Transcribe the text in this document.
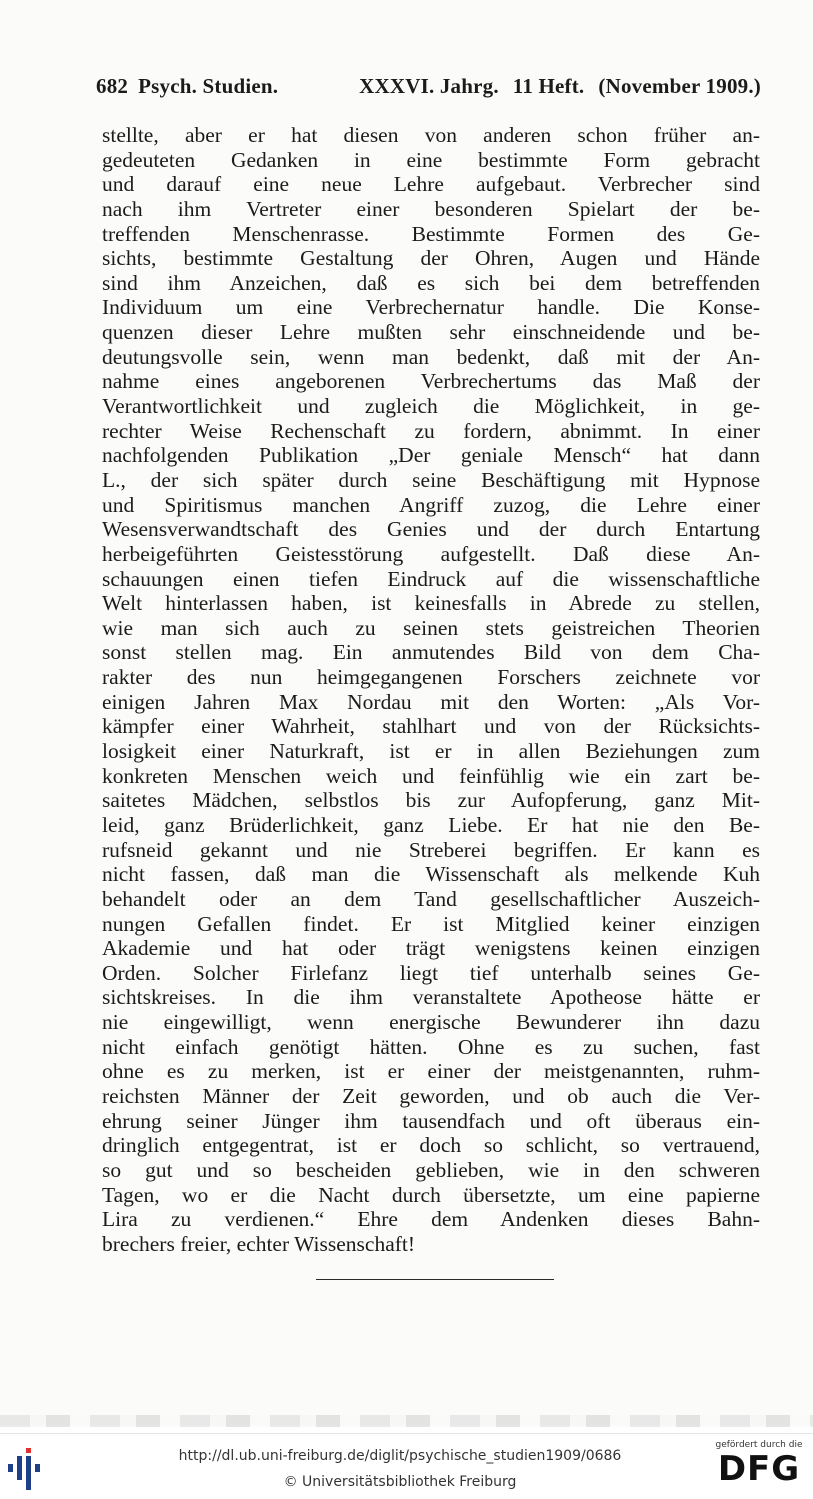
682 Psych. Studien.	XXXVI. Jahrg. 11 Heft. (November 1909.)
stellte, aber er hat diesen von anderen schon früher an-
gedeuteten Gedanken in eine bestimmte Form gebracht
und darauf eine neue Lehre aufgebaut. Verbrecher sind
nach ihm Vertreter einer besonderen Spielart der be-
treffenden Menschenrasse. Bestimmte Formen des Ge-
sichts, bestimmte Gestaltung der Ohren, Augen und Hände
sind ihm Anzeichen, daß es sich bei dem betreffenden
Individuum um eine Verbrechernatur handle. Die Konse-
quenzen dieser Lehre mußten sehr einschneidende und be-
deutungsvolle sein, wenn man bedenkt, daß mit der An-
nahme eines angeborenen Verbrechertums das Maß der
Verantwortlichkeit und zugleich die Möglichkeit, in ge-
rechter Weise Rechenschaft zu fordern, abnimmt. In einer
nachfolgenden Publikation „Der geniale Mensch“ hat dann
L., der sich später durch seine Beschäftigung mit Hypnose
und Spiritismus manchen Angriff zuzog, die Lehre einer
Wesensverwandtschaft des Genies und der durch Entartung
herbeigeführten Geistesstörung aufgestellt. Daß diese An-
schauungen einen tiefen Eindruck auf die wissenschaftliche
Welt hinterlassen haben, ist keinesfalls in Abrede zu stellen,
wie man sich auch zu seinen stets geistreichen Theorien
sonst stellen mag. Ein anmutendes Bild von dem Cha-
rakter des nun heimgegangenen Forschers zeichnete vor
einigen Jahren Max Nordau mit den Worten: „Als Vor-
kämpfer einer Wahrheit, stahlhart und von der Rücksichts-
losigkeit einer Naturkraft, ist er in allen Beziehungen zum
konkreten Menschen weich und feinfühlig wie ein zart be-
saitetes Mädchen, selbstlos bis zur Aufopferung, ganz Mit-
leid, ganz Brüderlichkeit, ganz Liebe. Er hat nie den Be-
rufsneid gekannt und nie Streberei begriffen. Er kann es
nicht fassen, daß man die Wissenschaft als melkende Kuh
behandelt oder an dem Tand gesellschaftlicher Auszeich-
nungen Gefallen findet. Er ist Mitglied keiner einzigen
Akademie und hat oder trägt wenigstens keinen einzigen
Orden. Solcher Firlefanz liegt tief unterhalb seines Ge-
sichtskreises. In die ihm veranstaltete Apotheose hätte er
nie eingewilligt, wenn energische Bewunderer ihn dazu
nicht einfach genötigt hätten. Ohne es zu suchen, fast
ohne es zu merken, ist er einer der meistgenannten, ruhm-
reichsten Männer der Zeit geworden, und ob auch die Ver-
ehrung seiner Jünger ihm tausendfach und oft überaus ein-
dringlich entgegentrat, ist er doch so schlicht, so vertrauend,
so gut und so bescheiden geblieben, wie in den schweren
Tagen, wo er die Nacht durch übersetzte, um eine papierne
Lira zu verdienen.“ Ehre dem Andenken dieses Bahn-
brechers freier, echter Wissenschaft!
http://dl.ub.uni-freiburg.de/diglit/psychische_studien1909/0686
© Universitätsbibliothek Freiburg
gefördert durch die
DFG
